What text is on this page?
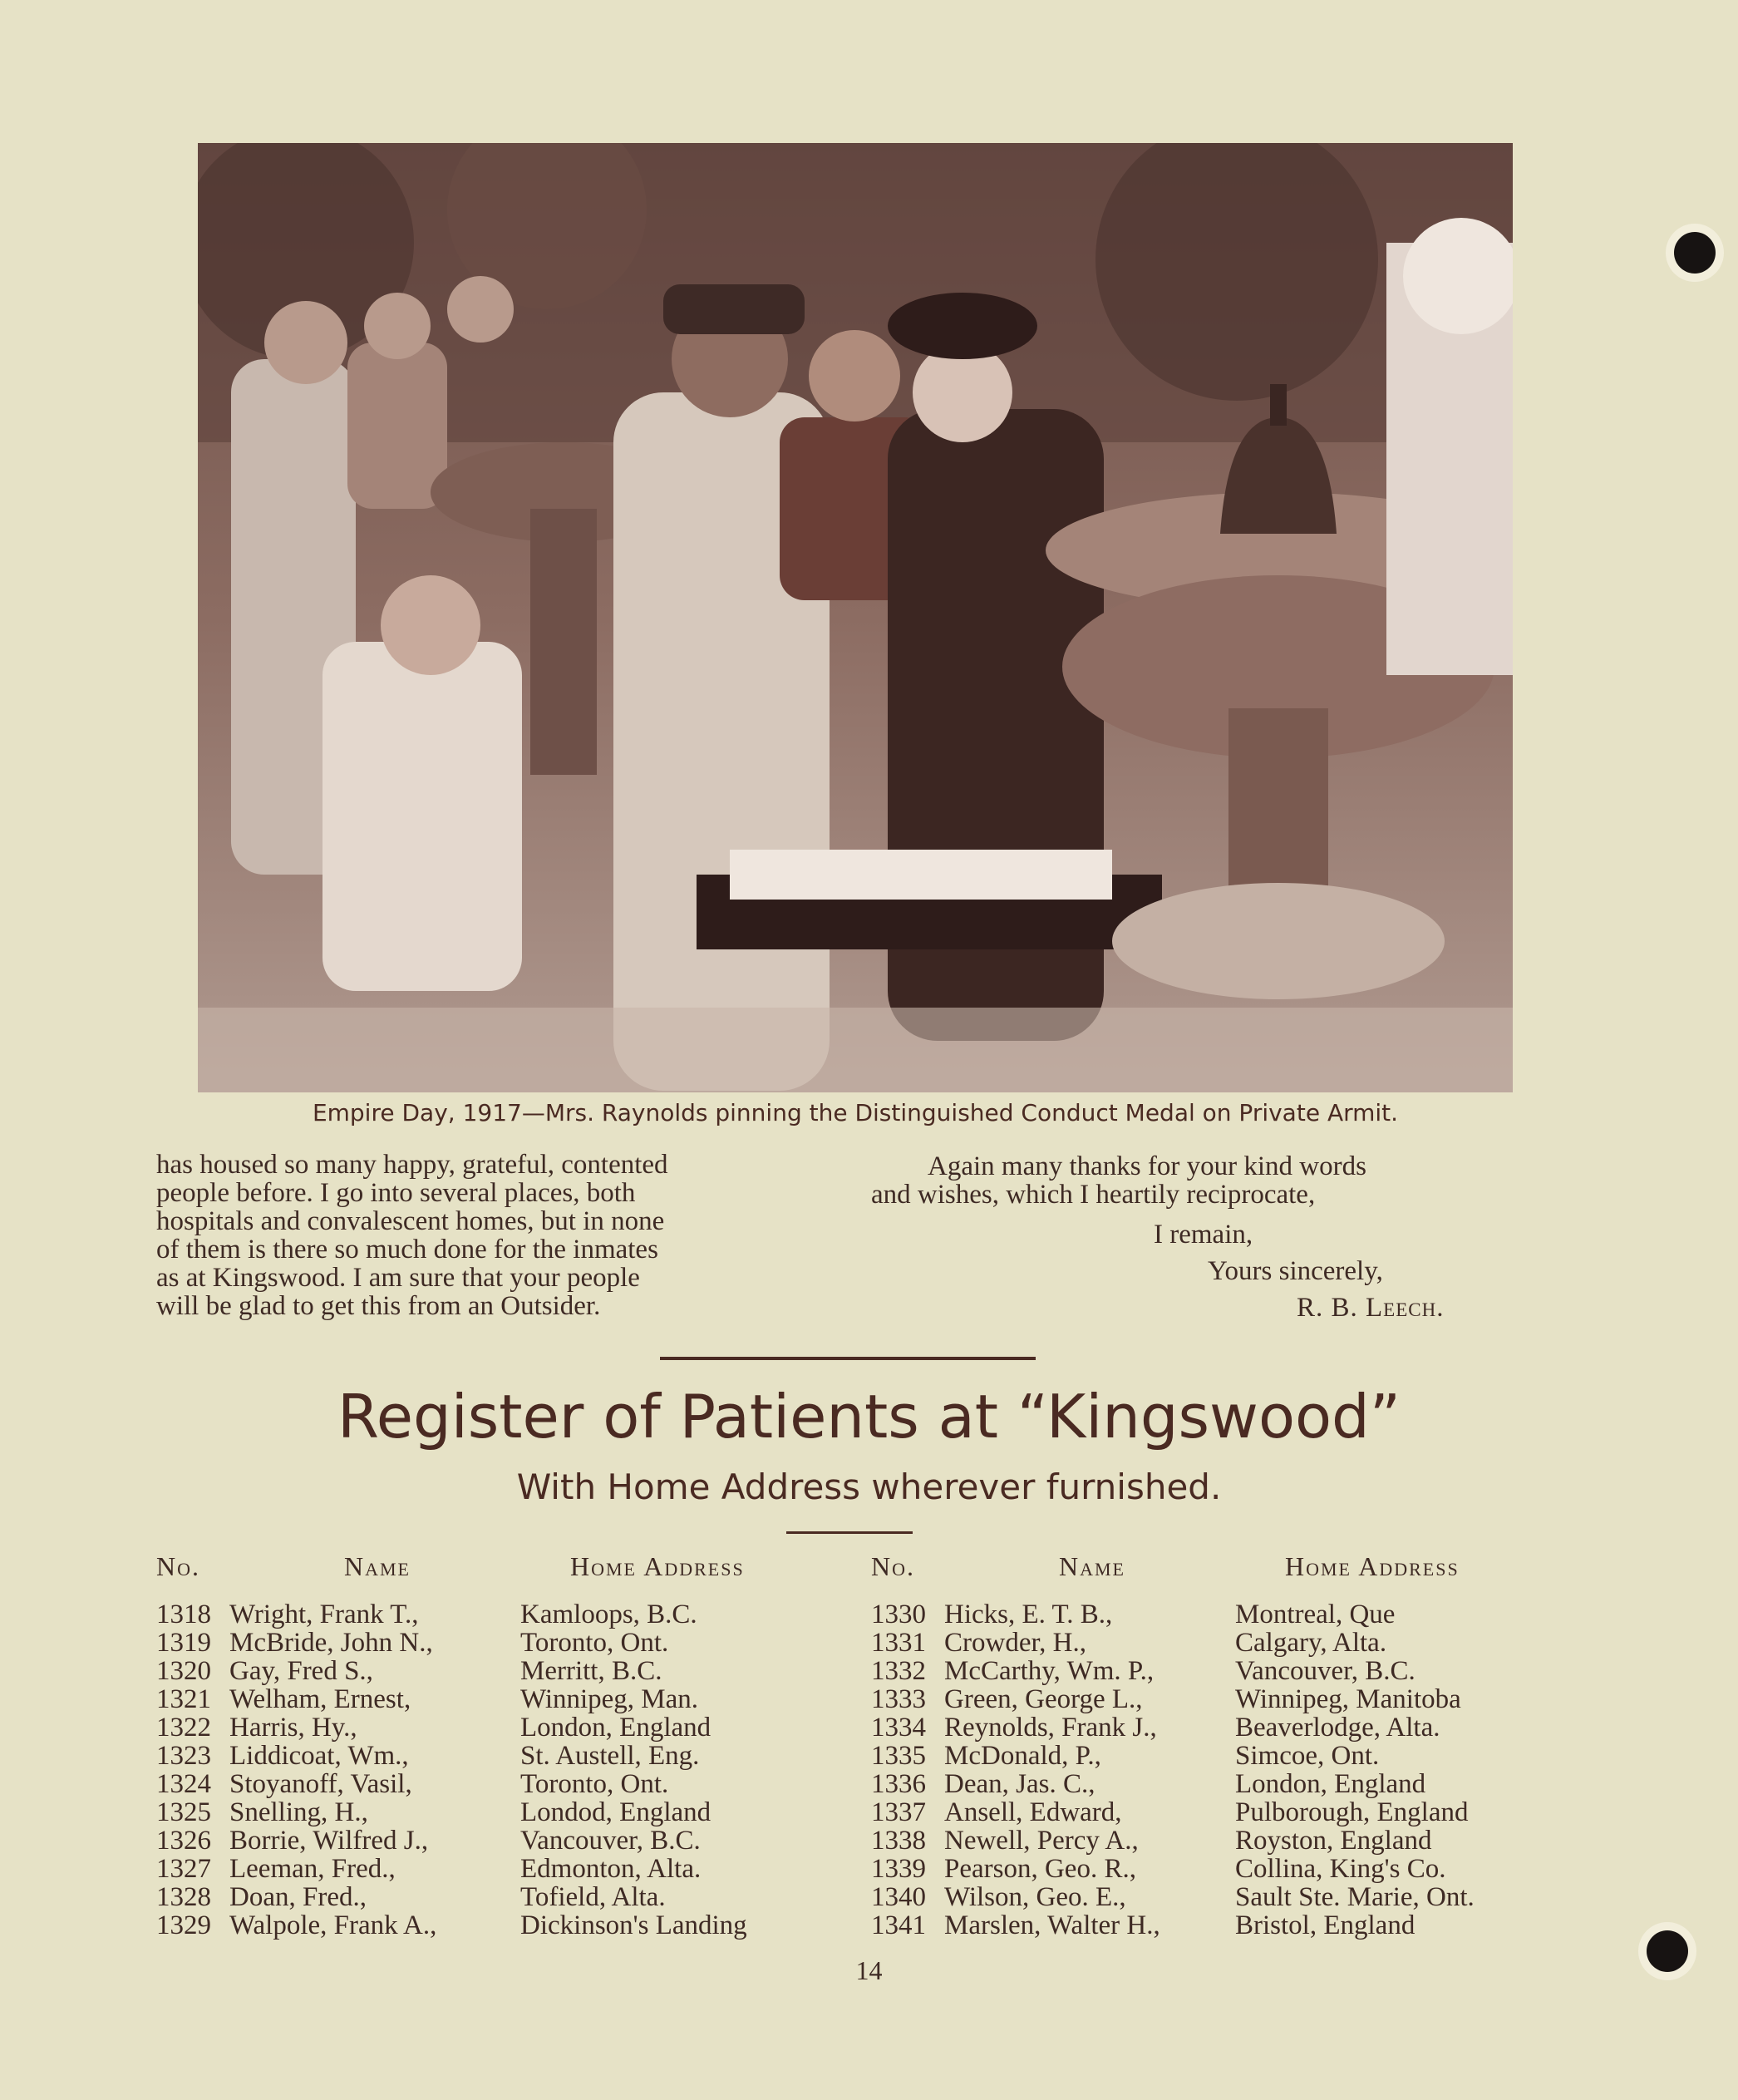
Empire Day, 1917—Mrs. Raynolds pinning the Distinguished Conduct Medal on Private Armit.
has housed so many happy, grateful, contented
people before. I go into several places, both
hospitals and convalescent homes, but in none
of them is there so much done for the inmates
as at Kingswood. I am sure that your people
will be glad to get this from an Outsider.
Again many thanks for your kind words
and wishes, which I heartily reciprocate,
I remain,
Yours sincerely,
R. B. Leech.
Register of Patients at “Kingswood”
With Home Address wherever furnished.
No.	Name	Home Address
1318 Wright, Frank T.,	Kamloops, B.C.
1319 McBride, John N.,	Toronto, Ont.
1320 Gay, Fred S.,	Merritt, B.C.
1321 Welham, Ernest,	Winnipeg, Man.
1322 Harris, Hy.,	London, England
1323 Liddicoat, Wm.,	St. Austell, Eng.
1324 Stoyanoff, Vasil,	Toronto, Ont.
1325 Snelling, H.,	Londod, England
1326 Borrie, Wilfred J.,	Vancouver, B.C.
1327 Leeman, Fred.,	Edmonton, Alta.
1328 Doan, Fred.,	Tofield, Alta.
1329 Walpole, Frank A.,	Dickinson's Landing
No.	Name	Home Address
1330 Hicks, E. T. B.,	Montreal, Que
1331 Crowder, H.,	Calgary, Alta.
1332 McCarthy, Wm. P.,	Vancouver, B.C.
1333 Green, George L.,	Winnipeg, Manitoba
1334 Reynolds, Frank J.,	Beaverlodge, Alta.
1335 McDonald, P.,	Simcoe, Ont.
1336 Dean, Jas. C.,	London, England
1337 Ansell, Edward,	Pulborough, England
1338 Newell, Percy A.,	Royston, England
1339 Pearson, Geo. R.,	Collina, King's Co.
1340 Wilson, Geo. E.,	Sault Ste. Marie, Ont.
1341 Marslen, Walter H.,	Bristol, England
14
